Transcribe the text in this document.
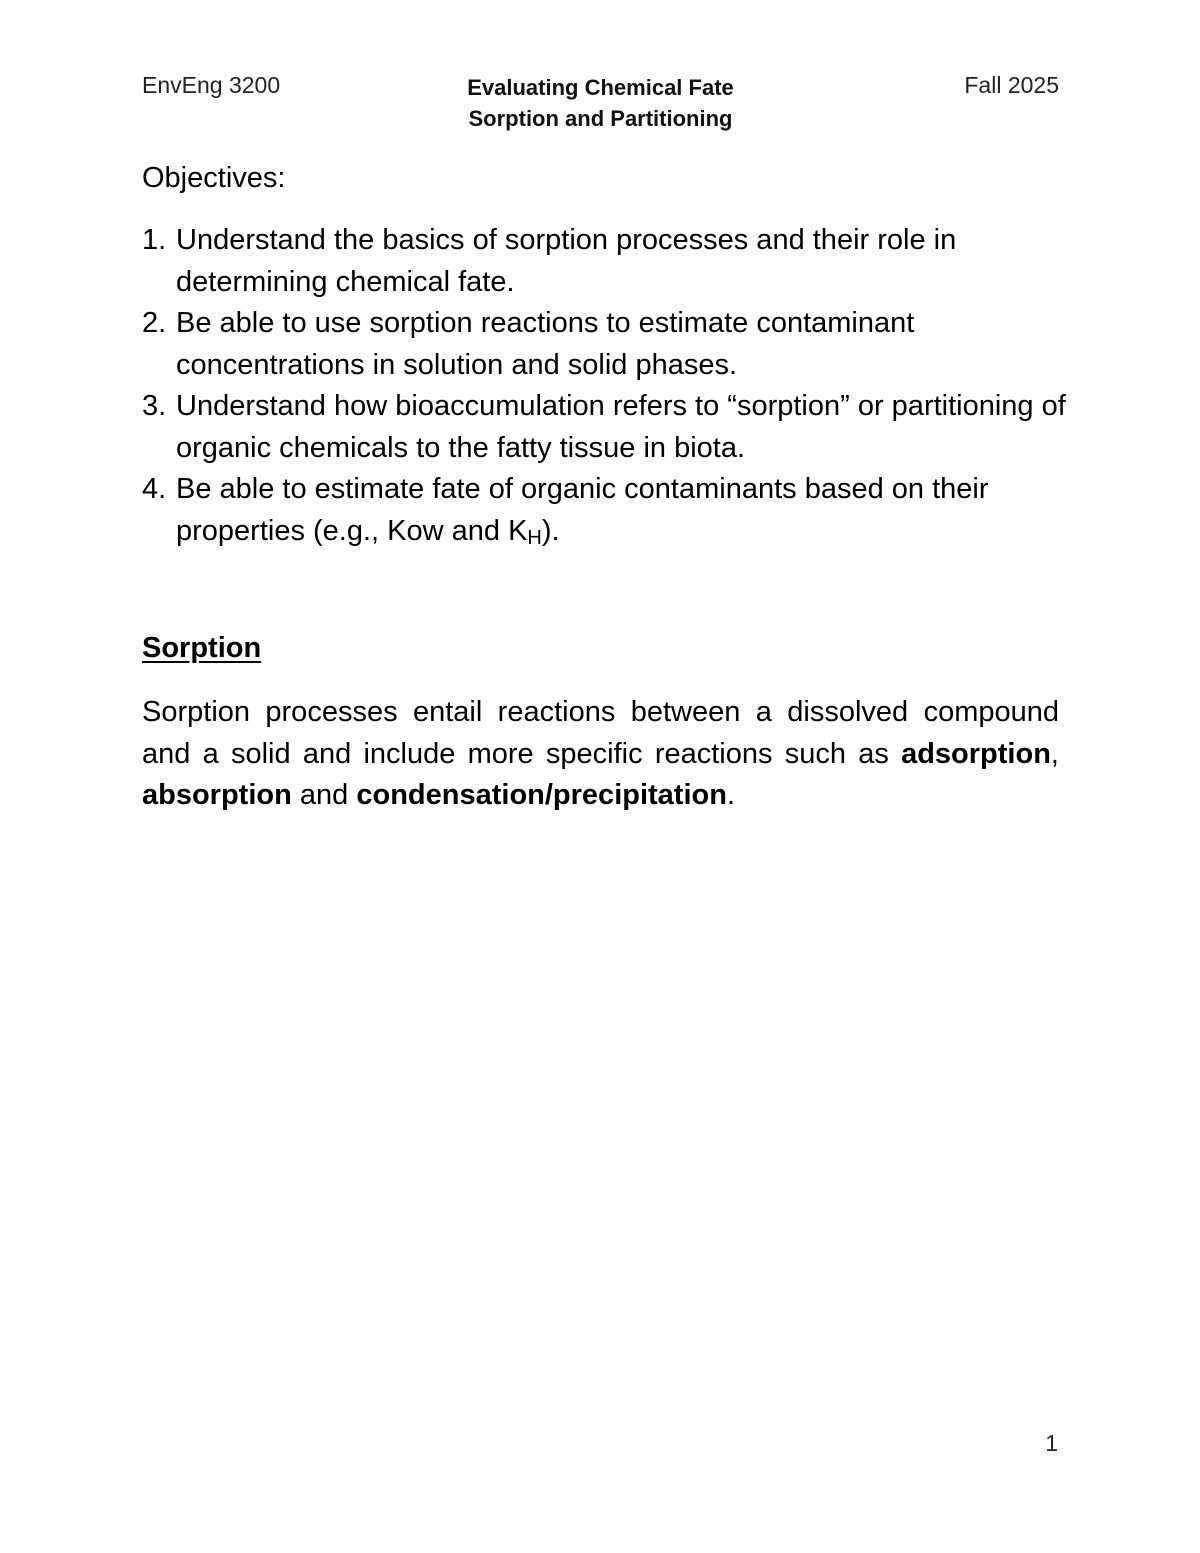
EnvEng 3200	Evaluating Chemical Fate
Sorption and Partitioning
Fall 2025
Objectives:
1. Understand the basics of sorption processes and their role in determining chemical fate.
2. Be able to use sorption reactions to estimate contaminant concentrations in solution and solid phases.
3. Understand how bioaccumulation refers to “sorption” or partitioning of organic chemicals to the fatty tissue in biota.
4. Be able to estimate fate of organic contaminants based on their properties (e.g., Kow and $K_H$).
Sorption

Sorption processes entail reactions between a dissolved compound and a solid and include more specific reactions such as adsorption, absorption and condensation/precipitation.

1
